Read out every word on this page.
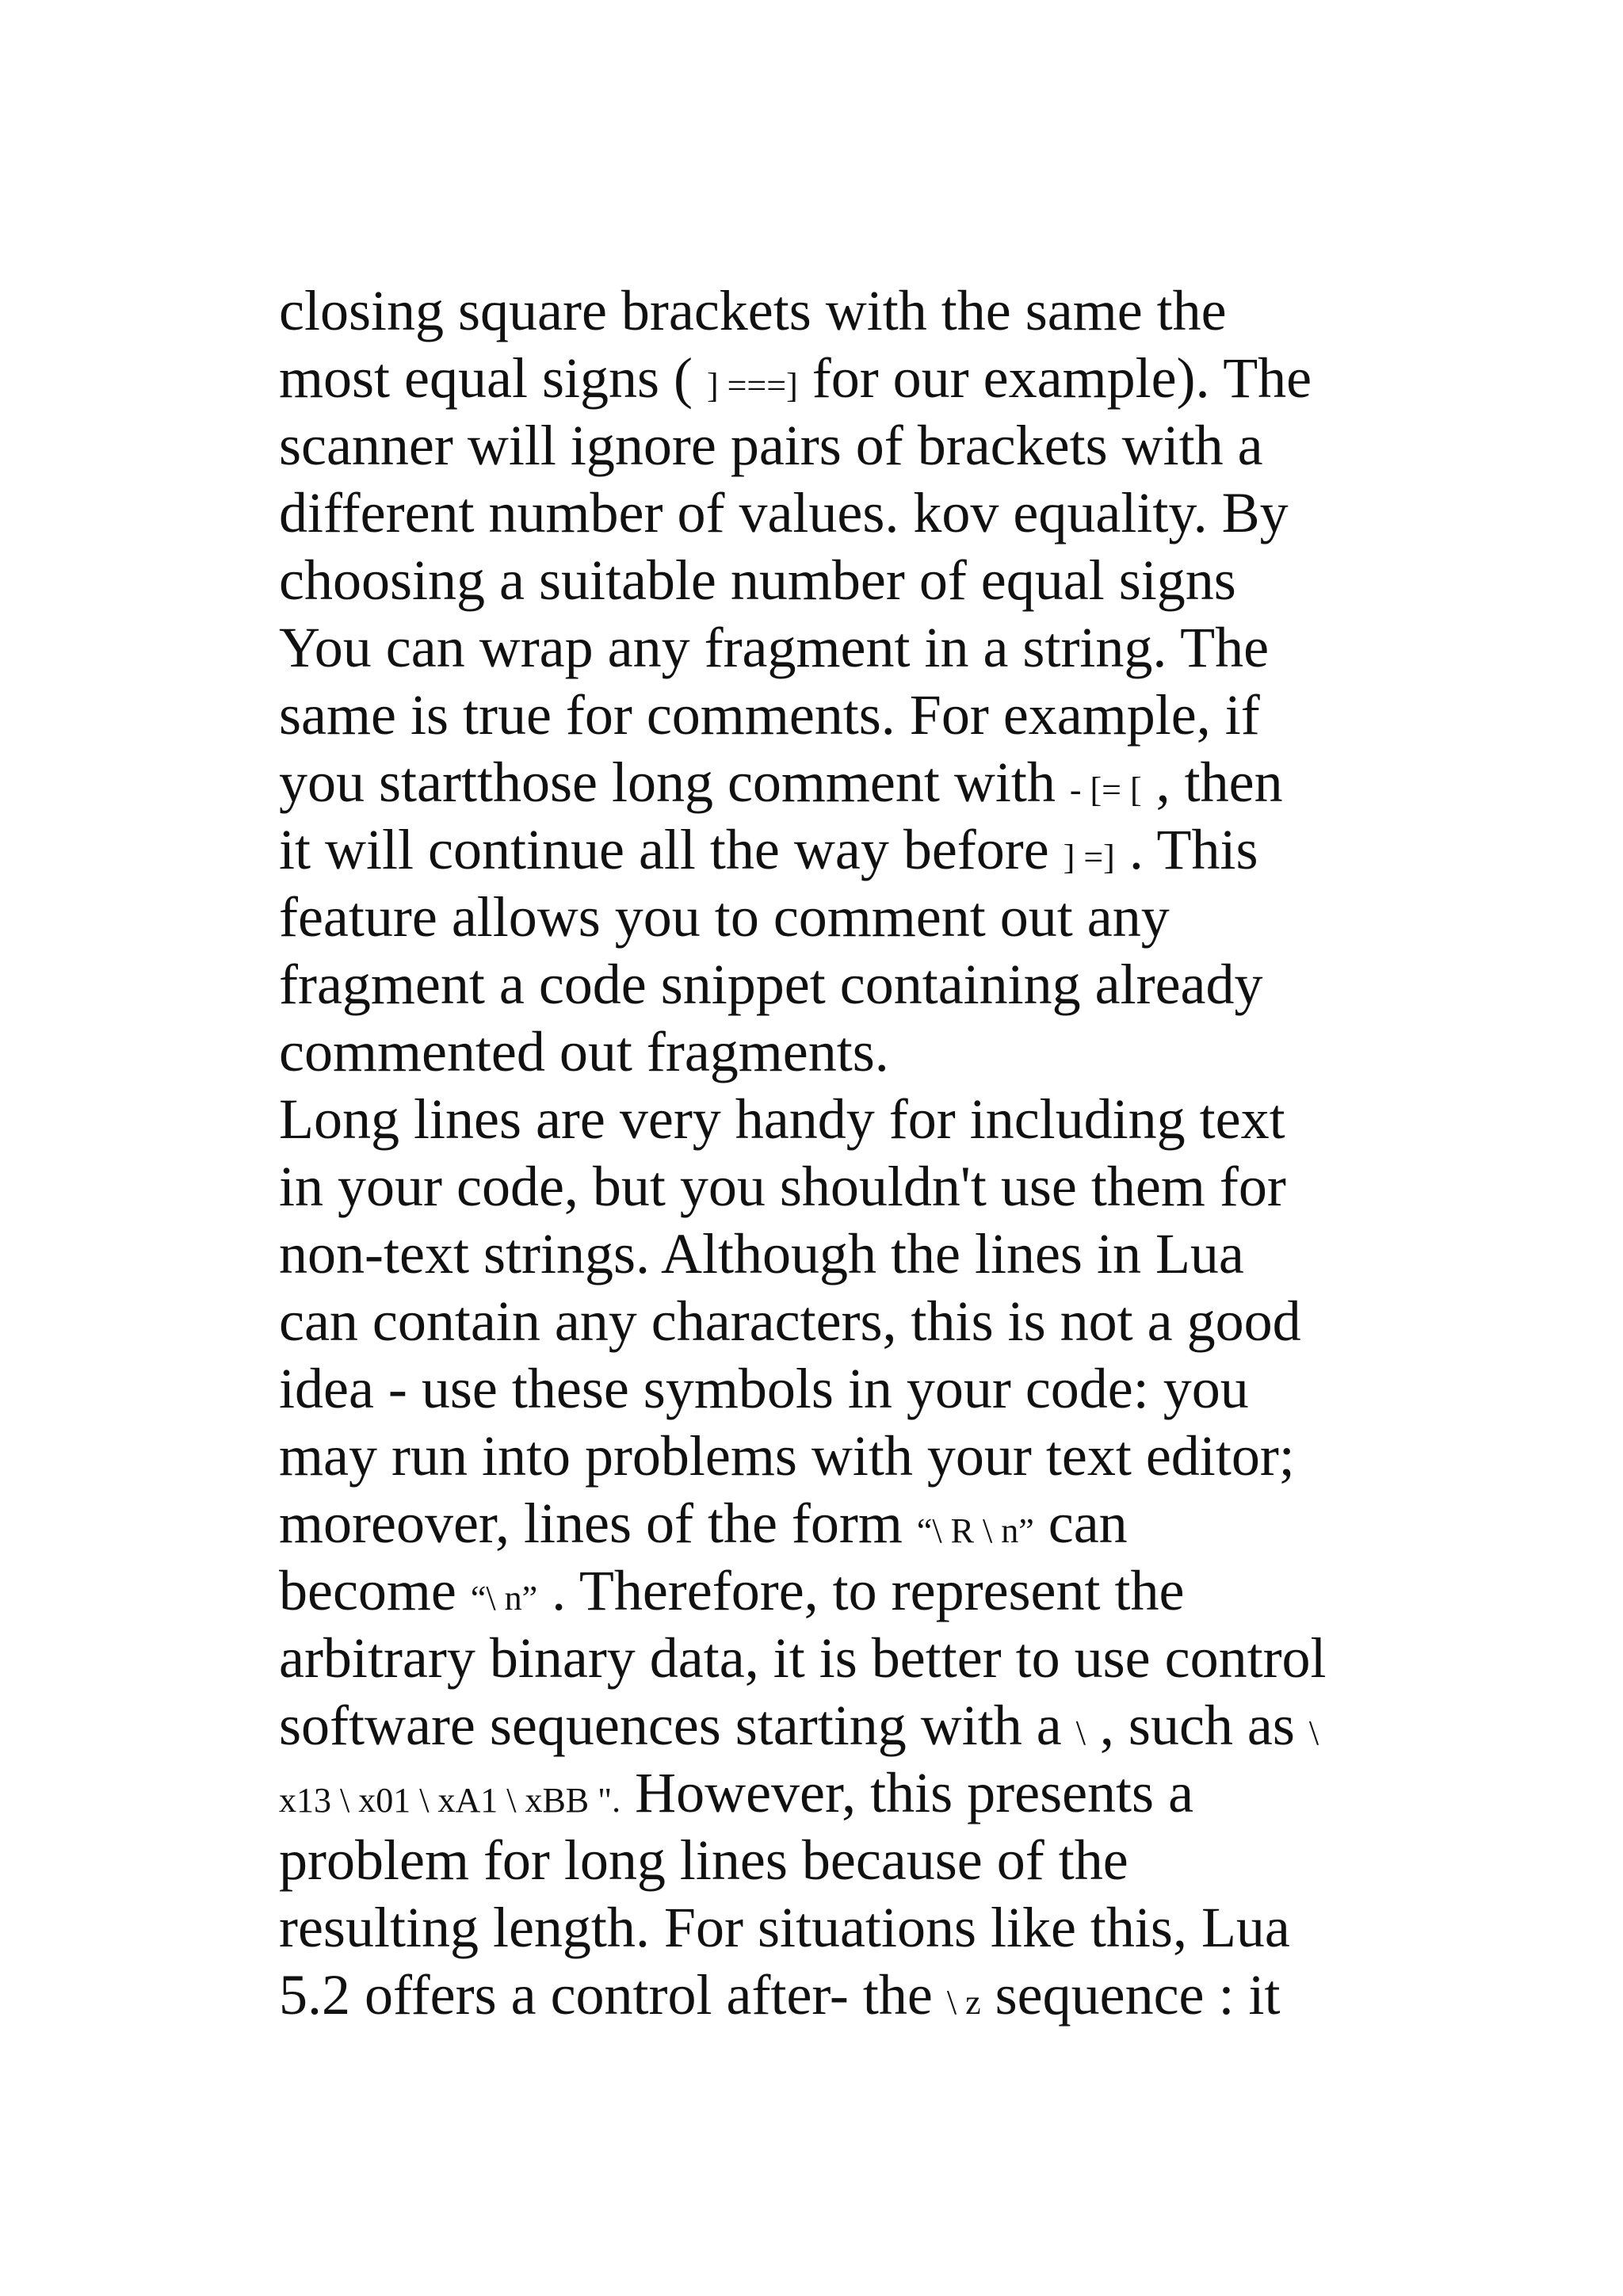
closing square brackets with the same the
most equal signs ( ] ===] for our example). The
scanner will ignore pairs of brackets with a
different number of values. kov equality. By
choosing a suitable number of equal signs
You can wrap any fragment in a string. The
same is true for comments. For example, if
you startthose long comment with - [= [ , then
it will continue all the way before ] =] . This
feature allows you to comment out any
fragment a code snippet containing already
commented out fragments.
Long lines are very handy for including text
in your code, but you shouldn't use them for
non-text strings. Although the lines in Lua
can contain any characters, this is not a good
idea - use these symbols in your code: you
may run into problems with your text editor;
moreover, lines of the form “\ R \ n” can
become “\ n” . Therefore, to represent the
arbitrary binary data, it is better to use control
software sequences starting with a \ , such as \
x13 \ x01 \ xA1 \ xBB ". However, this presents a
problem for long lines because of the
resulting length. For situations like this, Lua
5.2 offers a control after- the \ z sequence : it
